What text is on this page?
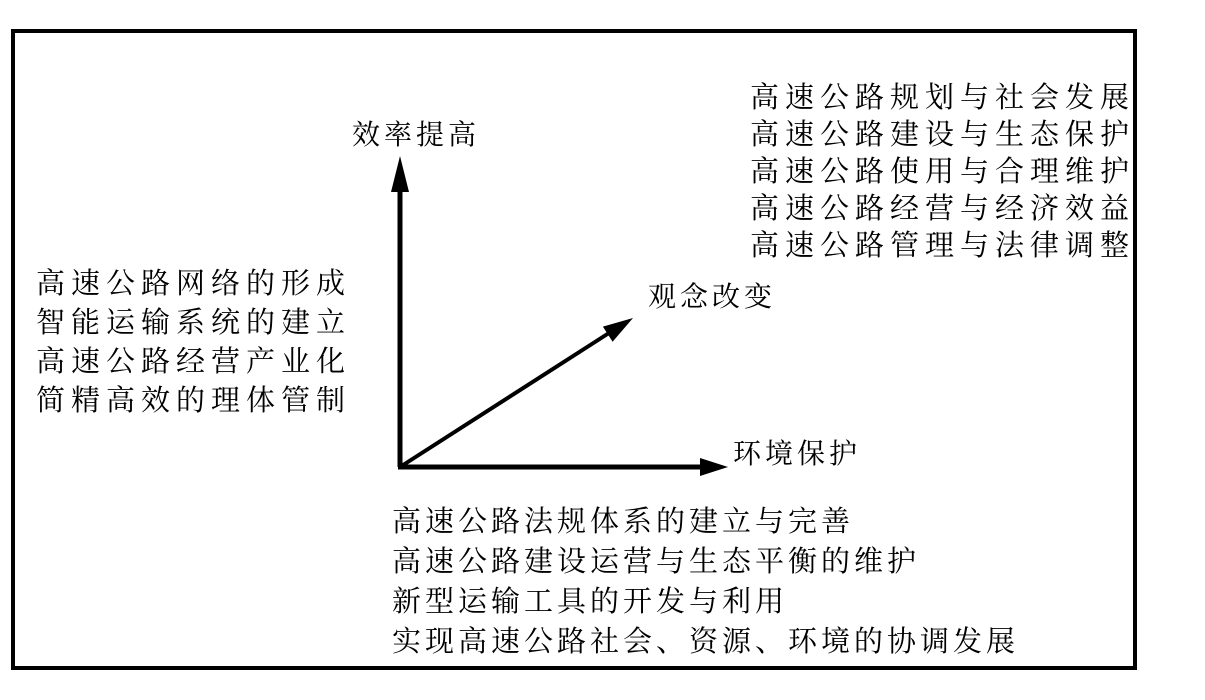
效率提高
观念改变
环境保护
高速公路网络的形成
智能运输系统的建立
高速公路经营产业化
简精高效的理体管制
高速公路规划与社会发展
高速公路建设与生态保护
高速公路使用与合理维护
高速公路经营与经济效益
高速公路管理与法律调整
高速公路法规体系的建立与完善
高速公路建设运营与生态平衡的维护
新型运输工具的开发与利用
实现高速公路社会、资源、环境的协调发展
